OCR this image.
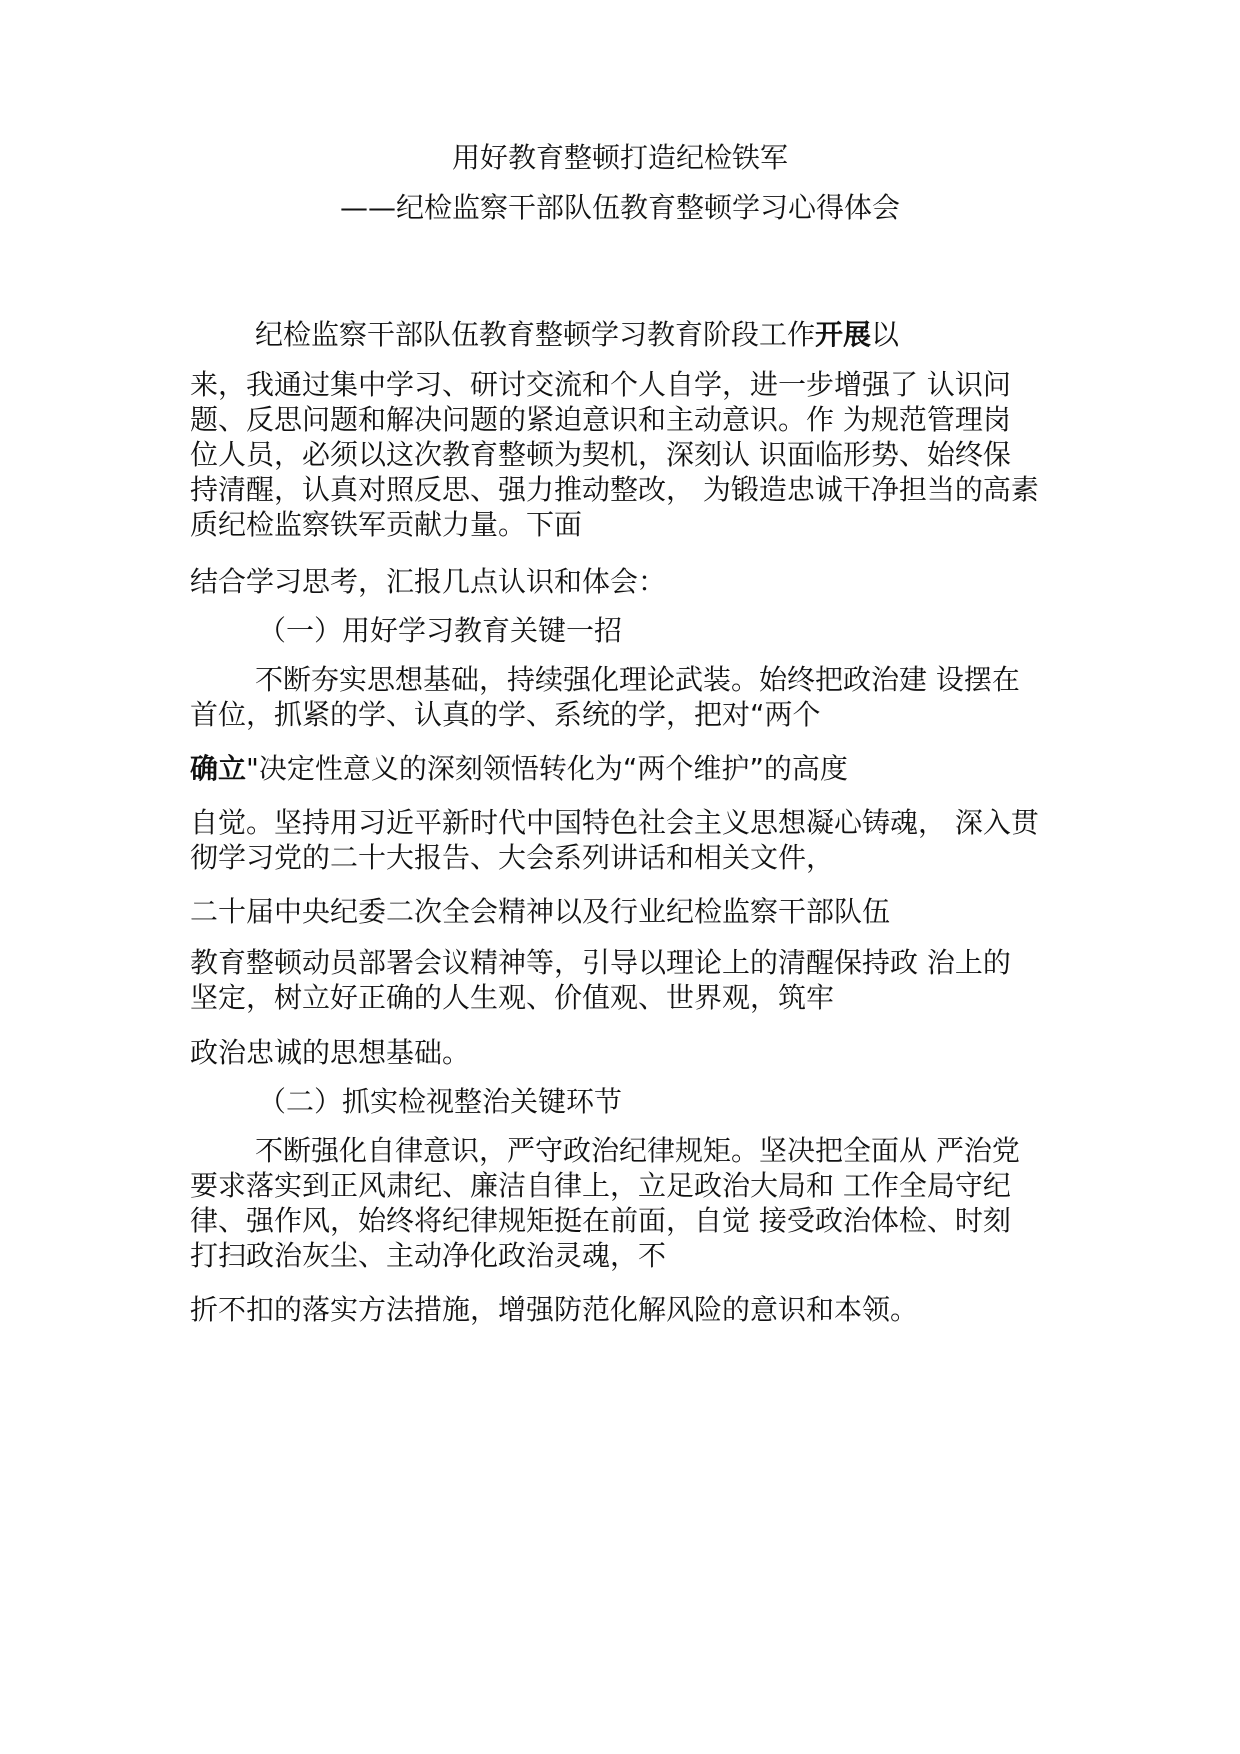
用好教育整顿打造纪检铁军
——纪检监察干部队伍教育整顿学习心得体会
纪检监察干部队伍教育整顿学习教育阶段工作开展以
来，我通过集中学习、研讨交流和个人自学，进一步增强了 认识问
题、反思问题和解决问题的紧迫意识和主动意识。作 为规范管理岗
位人员，必须以这次教育整顿为契机，深刻认 识面临形势、始终保
持清醒，认真对照反思、强力推动整改， 为锻造忠诚干净担当的高素
质纪检监察铁军贡献力量。下面
结合学习思考，汇报几点认识和体会：
（一）用好学习教育关键一招
不断夯实思想基础，持续强化理论武装。始终把政治建 设摆在
首位，抓紧的学、认真的学、系统的学，把对“两个
确立"决定性意义的深刻领悟转化为“两个维护”的高度
自觉。坚持用习近平新时代中国特色社会主义思想凝心铸魂， 深入贯
彻学习党的二十大报告、大会系列讲话和相关文件，
二十届中央纪委二次全会精神以及行业纪检监察干部队伍
教育整顿动员部署会议精神等，引导以理论上的清醒保持政 治上的
坚定，树立好正确的人生观、价值观、世界观，筑牢
政治忠诚的思想基础。
（二）抓实检视整治关键环节
不断强化自律意识，严守政治纪律规矩。坚决把全面从 严治党
要求落实到正风肃纪、廉洁自律上，立足政治大局和 工作全局守纪
律、强作风，始终将纪律规矩挺在前面，自觉 接受政治体检、时刻
打扫政治灰尘、主动净化政治灵魂，不
折不扣的落实方法措施，增强防范化解风险的意识和本领。
